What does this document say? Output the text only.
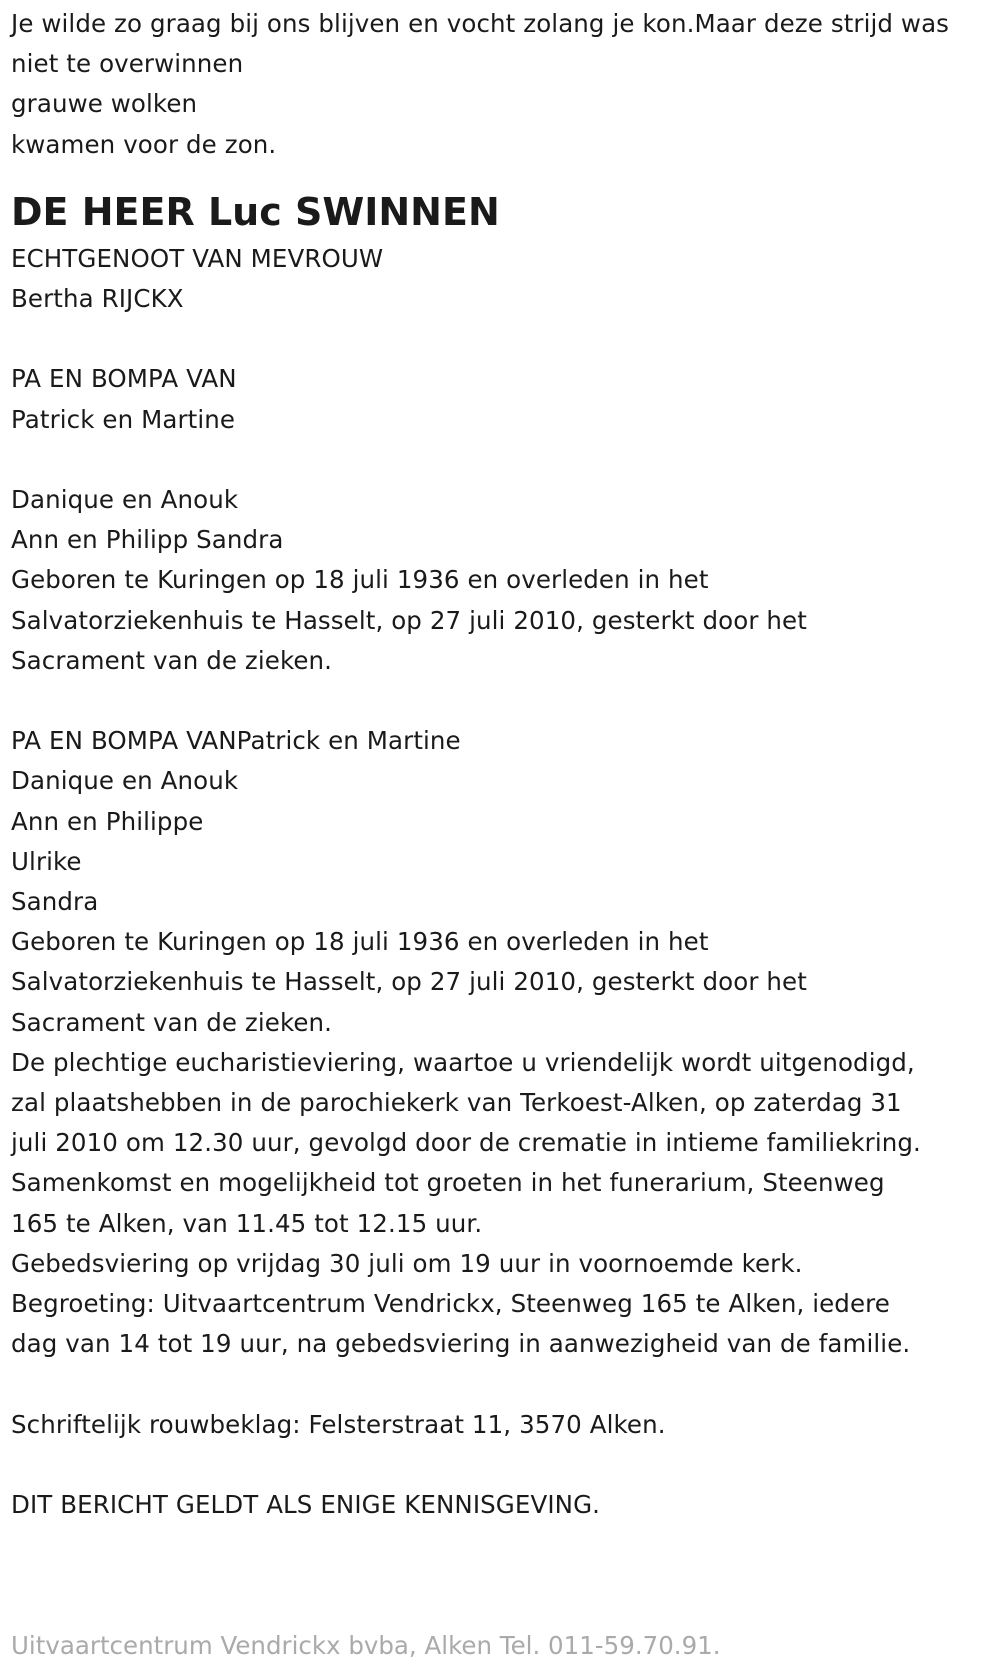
Je wilde zo graag bij ons blijven en vocht zolang je kon.Maar deze strijd was
niet te overwinnen
grauwe wolken
kwamen voor de zon.
DE HEER Luc SWINNEN
ECHTGENOOT VAN MEVROUW
Bertha RIJCKX
PA EN BOMPA VAN
Patrick en Martine
Danique en Anouk
Ann en Philipp Sandra
Geboren te Kuringen op 18 juli 1936 en overleden in het
Salvatorziekenhuis te Hasselt, op 27 juli 2010, gesterkt door het
Sacrament van de zieken.
PA EN BOMPA VANPatrick en Martine
Danique en Anouk
Ann en Philippe
Ulrike
Sandra
Geboren te Kuringen op 18 juli 1936 en overleden in het
Salvatorziekenhuis te Hasselt, op 27 juli 2010, gesterkt door het
Sacrament van de zieken.
De plechtige eucharistieviering, waartoe u vriendelijk wordt uitgenodigd,
zal plaatshebben in de parochiekerk van Terkoest-Alken, op zaterdag 31
juli 2010 om 12.30 uur, gevolgd door de crematie in intieme familiekring.
Samenkomst en mogelijkheid tot groeten in het funerarium, Steenweg
165 te Alken, van 11.45 tot 12.15 uur.
Gebedsviering op vrijdag 30 juli om 19 uur in voornoemde kerk.
Begroeting: Uitvaartcentrum Vendrickx, Steenweg 165 te Alken, iedere
dag van 14 tot 19 uur, na gebedsviering in aanwezigheid van de familie.
Schriftelijk rouwbeklag: Felsterstraat 11, 3570 Alken.
DIT BERICHT GELDT ALS ENIGE KENNISGEVING.
Uitvaartcentrum Vendrickx bvba, Alken Tel. 011-59.70.91.
